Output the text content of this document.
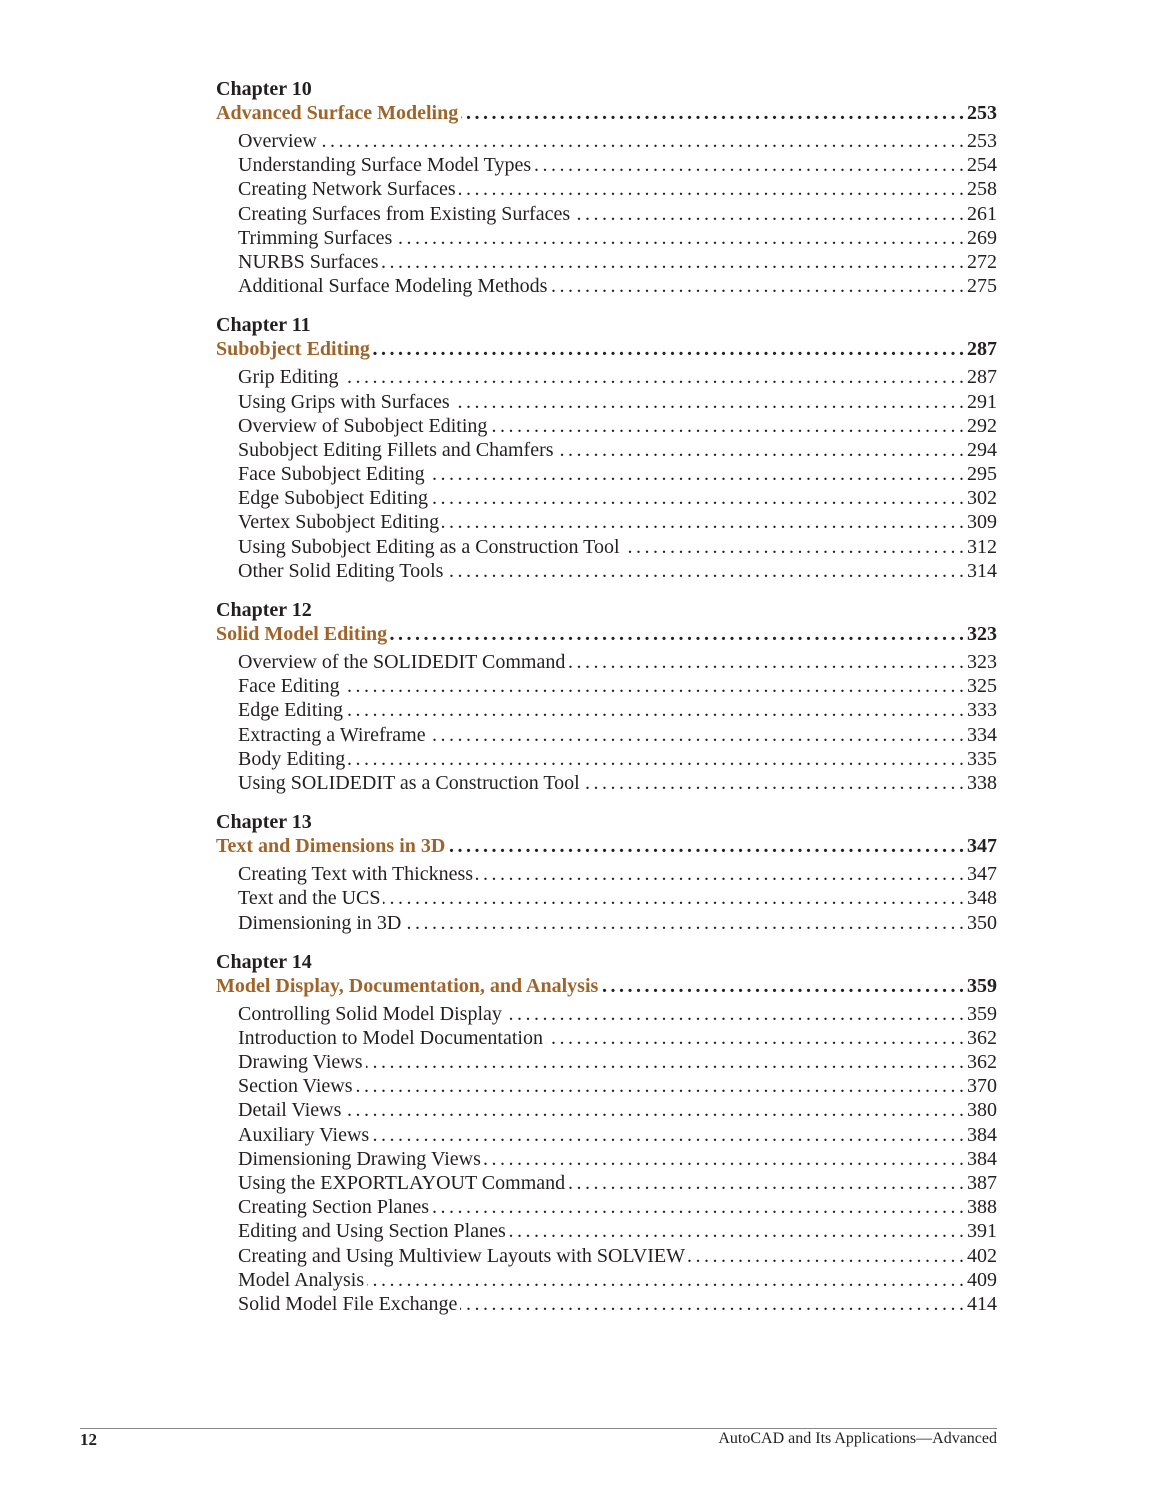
Chapter 10
Advanced Surface Modeling . . .	253
Overview . . .	253
Understanding Surface Model Types . . .	254
Creating Network Surfaces . . .	258
Creating Surfaces from Existing Surfaces . . .	261
Trimming Surfaces . . .	269
NURBS Surfaces . . .	272
Additional Surface Modeling Methods . . .	275
Chapter 11
Subobject Editing . . .	287
Grip Editing . . .	287
Using Grips with Surfaces . . .	291
Overview of Subobject Editing . . .	292
Subobject Editing Fillets and Chamfers . . .	294
Face Subobject Editing . . .	295
Edge Subobject Editing . . .	302
Vertex Subobject Editing . . .	309
Using Subobject Editing as a Construction Tool . . .	312
Other Solid Editing Tools . . .	314
Chapter 12
Solid Model Editing . . .	323
Overview of the SOLIDEDIT Command . . .	323
Face Editing . . .	325
Edge Editing . . .	333
Extracting a Wireframe . . .	334
Body Editing . . .	335
Using SOLIDEDIT as a Construction Tool . . .	338
Chapter 13
Text and Dimensions in 3D . . .	347
Creating Text with Thickness . . .	347
Text and the UCS . . .	348
Dimensioning in 3D . . .	350
Chapter 14
Model Display, Documentation, and Analysis . . .	359
Controlling Solid Model Display . . .	359
Introduction to Model Documentation . . .	362
Drawing Views . . .	362
Section Views . . .	370
Detail Views . . .	380
Auxiliary Views . . .	384
Dimensioning Drawing Views . . .	384
Using the EXPORTLAYOUT Command . . .	387
Creating Section Planes . . .	388
Editing and Using Section Planes . . .	391
Creating and Using Multiview Layouts with SOLVIEW . . .	402
Model Analysis . . .	409
Solid Model File Exchange . . .	414
12	AutoCAD and Its Applications—Advanced
